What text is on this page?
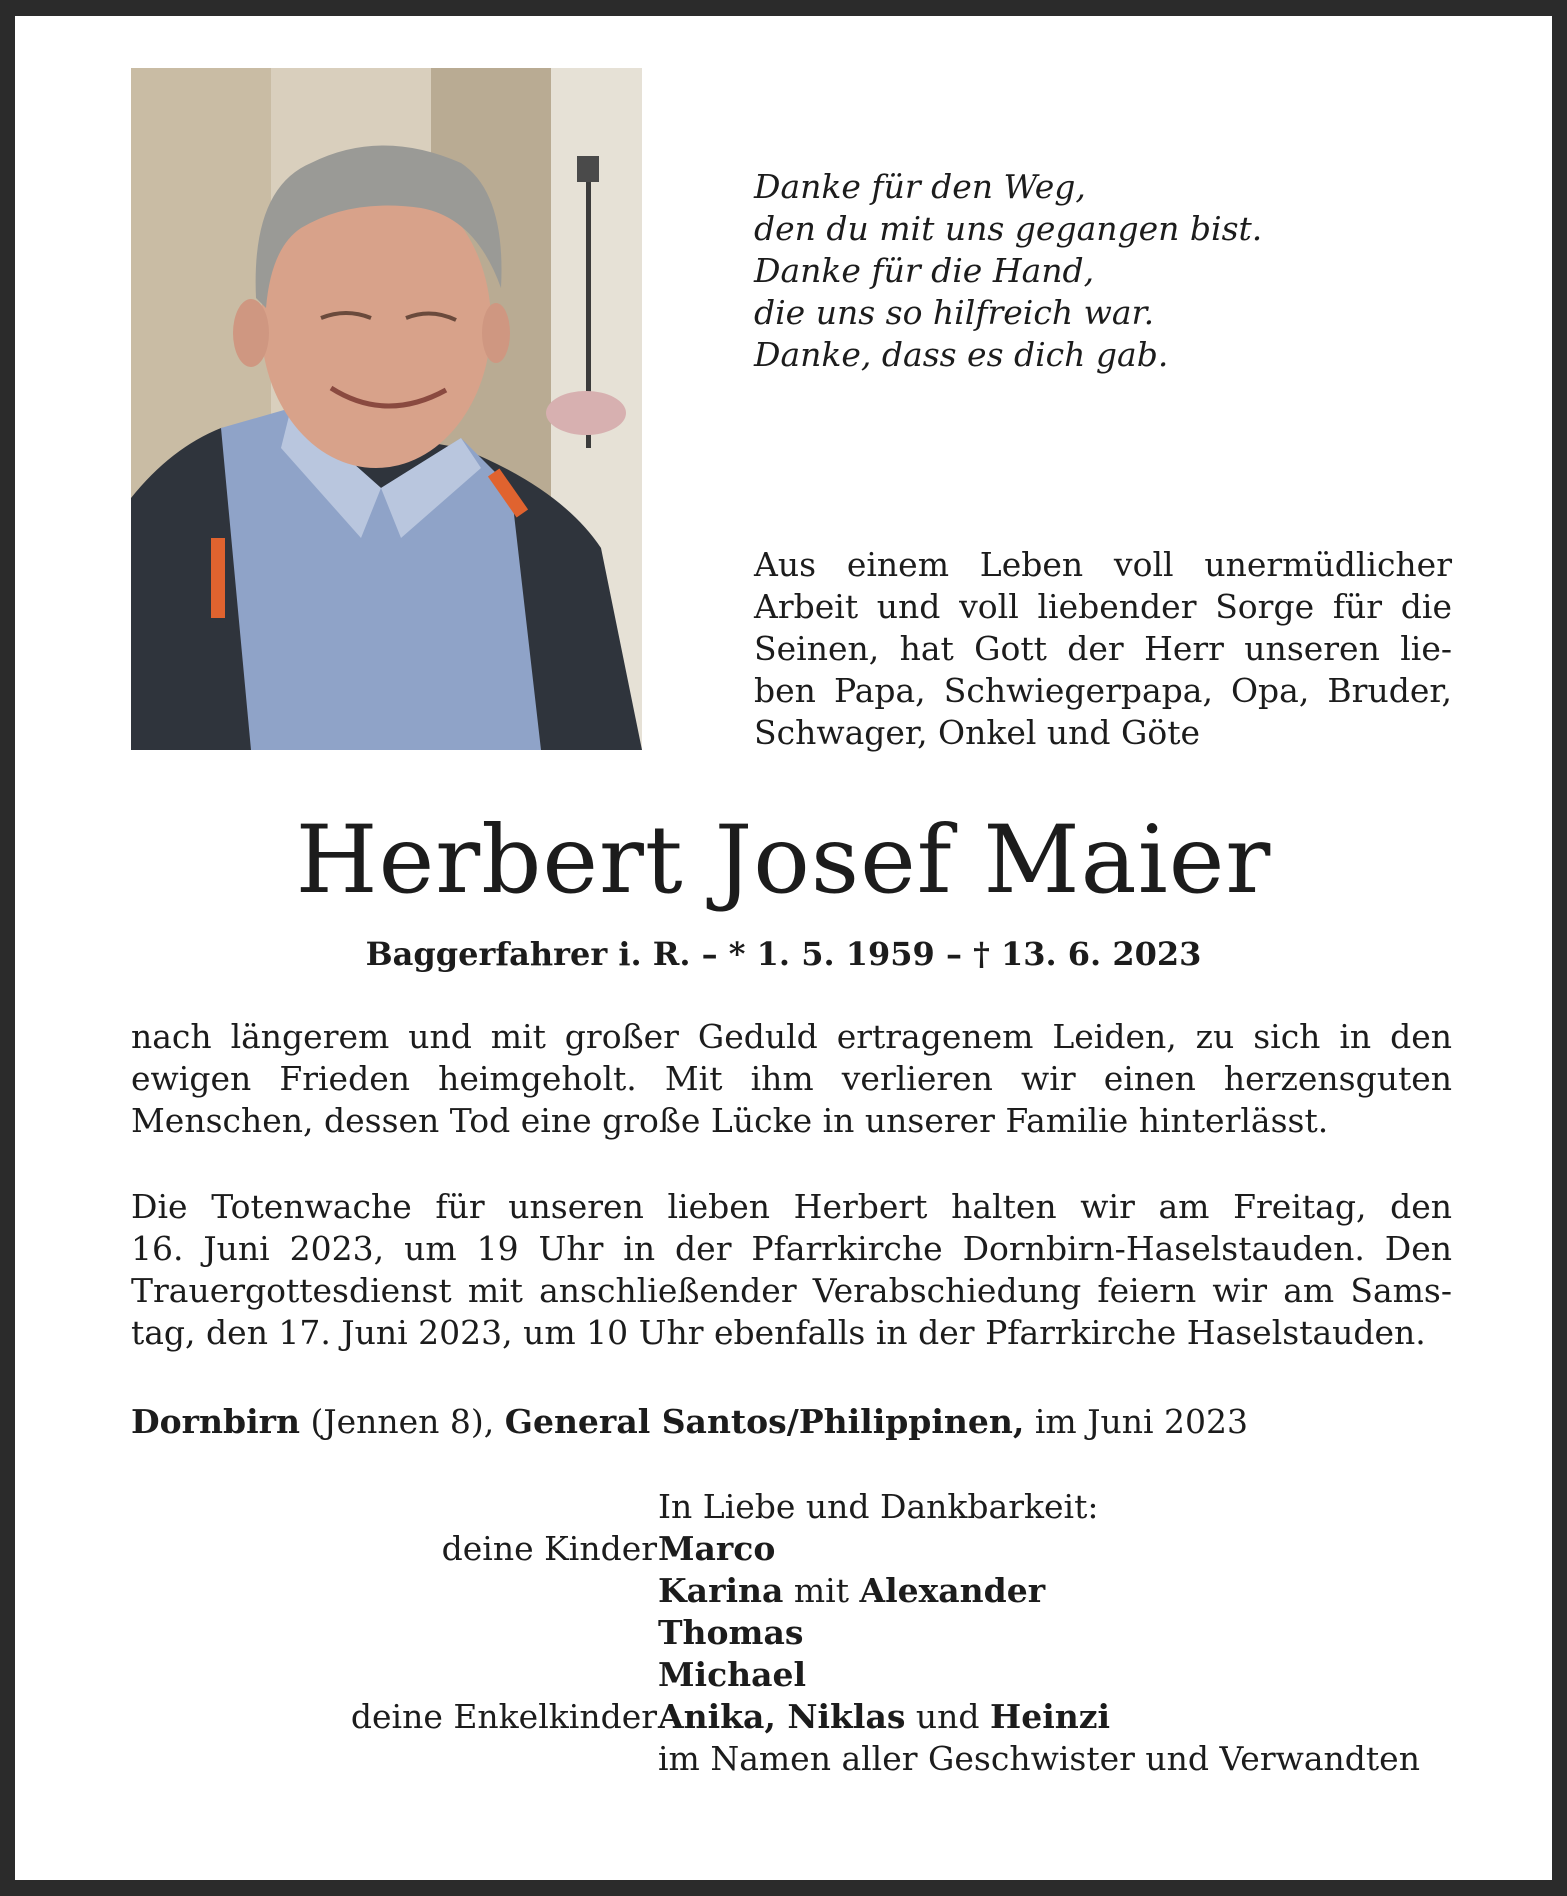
Danke für den Weg,
den du mit uns gegangen bist.
Danke für die Hand,
die uns so hilfreich war.
Danke, dass es dich gab.
Aus einem Leben voll unermüdlicher
Arbeit und voll liebender Sorge für die
Seinen, hat Gott der Herr unseren lie-
ben Papa, Schwiegerpapa, Opa, Bruder,
Schwager, Onkel und Göte
Herbert Josef Maier
Baggerfahrer i. R. – * 1. 5. 1959 – † 13. 6. 2023
nach längerem und mit großer Geduld ertragenem Leiden, zu sich in den
ewigen Frieden heimgeholt. Mit ihm verlieren wir einen herzensguten
Menschen, dessen Tod eine große Lücke in unserer Familie hinterlässt.
Die Totenwache für unseren lieben Herbert halten wir am Freitag, den
16. Juni 2023, um 19 Uhr in der Pfarrkirche Dornbirn-Haselstauden. Den
Trauergottesdienst mit anschließender Verabschiedung feiern wir am Sams-
tag, den 17. Juni 2023, um 10 Uhr ebenfalls in der Pfarrkirche Haselstauden.
Dornbirn (Jennen 8), General Santos/Philippinen, im Juni 2023
In Liebe und Dankbarkeit:
deine Kinder Marco
Karina mit Alexander
Thomas
Michael
deine Enkelkinder Anika, Niklas und Heinzi
im Namen aller Geschwister und Verwandten
